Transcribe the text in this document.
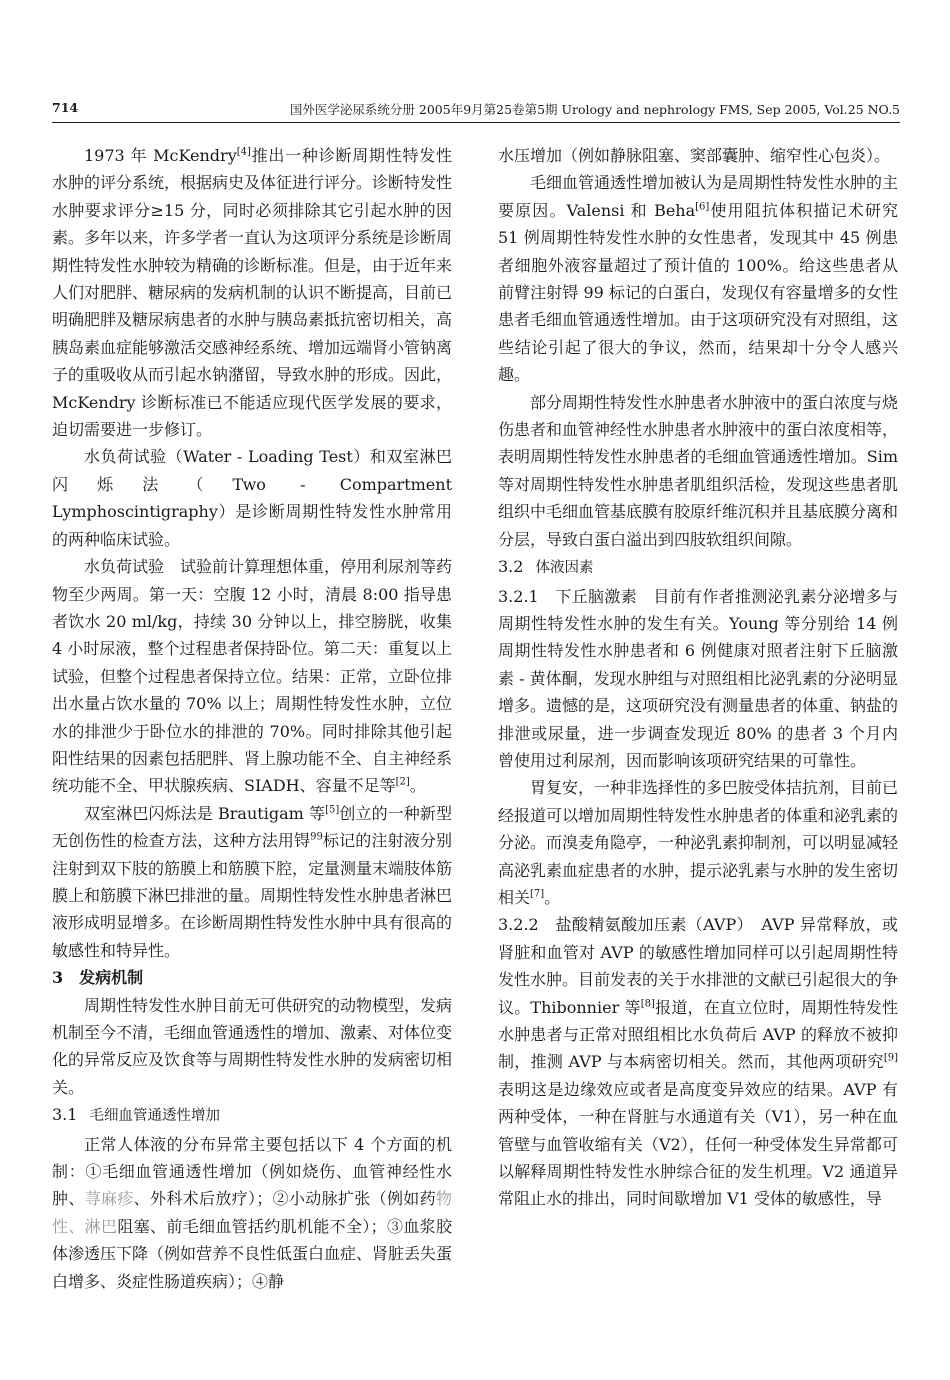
714	国外医学泌尿系统分册 2005年9月第25卷第5期 Urology and nephrology FMS, Sep 2005, Vol.25 NO.5

1973 年 McKendry[4]推出一种诊断周期性特发性水肿的评分系统，根据病史及体征进行评分。诊断特发性水肿要求评分≥15 分，同时必须排除其它引起水肿的因素。多年以来，许多学者一直认为这项评分系统是诊断周期性特发性水肿较为精确的诊断标准。但是，由于近年来人们对肥胖、糖尿病的发病机制的认识不断提高，目前已明确肥胖及糖尿病患者的水肿与胰岛素抵抗密切相关，高胰岛素血症能够激活交感神经系统、增加远端肾小管钠离子的重吸收从而引起水钠潴留，导致水肿的形成。因此，McKendry 诊断标准已不能适应现代医学发展的要求，迫切需要进一步修订。

水负荷试验（Water - Loading Test）和双室淋巴闪烁法（Two - Compartment Lymphoscintigraphy）是诊断周期性特发性水肿常用的两种临床试验。

水负荷试验　试验前计算理想体重，停用利尿剂等药物至少两周。第一天：空腹 12 小时，清晨 8:00 指导患者饮水 20 ml/kg，持续 30 分钟以上，排空膀胱，收集 4 小时尿液，整个过程患者保持卧位。第二天：重复以上试验，但整个过程患者保持立位。结果：正常，立卧位排出水量占饮水量的 70% 以上；周期性特发性水肿，立位水的排泄少于卧位水的排泄的 70%。同时排除其他引起阳性结果的因素包括肥胖、肾上腺功能不全、自主神经系统功能不全、甲状腺疾病、SIADH、容量不足等[2]。

双室淋巴闪烁法是 Brautigam 等[5]创立的一种新型无创伤性的检查方法，这种方法用锝$^{99}$标记的注射液分别注射到双下肢的筋膜上和筋膜下腔，定量测量末端肢体筋膜上和筋膜下淋巴排泄的量。周期性特发性水肿患者淋巴液形成明显增多。在诊断周期性特发性水肿中具有很高的敏感性和特异性。

3　发病机制

周期性特发性水肿目前无可供研究的动物模型，发病机制至今不清，毛细血管通透性的增加、激素、对体位变化的异常反应及饮食等与周期性特发性水肿的发病密切相关。

3.1 毛细血管通透性增加

正常人体液的分布异常主要包括以下 4 个方面的机制：①毛细血管通透性增加（例如烧伤、血管神经性水肿、荨麻疹、外科术后放疗）；②小动脉扩张（例如药物性、淋巴阻塞、前毛细血管括约肌机能不全）；③血浆胶体渗透压下降（例如营养不良性低蛋白血症、肾脏丢失蛋白增多、炎症性肠道疾病）；④静

水压增加（例如静脉阻塞、窦部囊肿、缩窄性心包炎）。

毛细血管通透性增加被认为是周期性特发性水肿的主要原因。Valensi 和 Beha[6]使用阻抗体积描记术研究 51 例周期性特发性水肿的女性患者，发现其中 45 例患者细胞外液容量超过了预计值的 100%。给这些患者从前臂注射锝 99 标记的白蛋白，发现仅有容量增多的女性患者毛细血管通透性增加。由于这项研究没有对照组，这些结论引起了很大的争议，然而，结果却十分令人感兴趣。

部分周期性特发性水肿患者水肿液中的蛋白浓度与烧伤患者和血管神经性水肿患者水肿液中的蛋白浓度相等，表明周期性特发性水肿患者的毛细血管通透性增加。Sim 等对周期性特发性水肿患者肌组织活检，发现这些患者肌组织中毛细血管基底膜有胶原纤维沉积并且基底膜分离和分层，导致白蛋白溢出到四肢软组织间隙。

3.2 体液因素
3.2.1　下丘脑激素　目前有作者推测泌乳素分泌增多与周期性特发性水肿的发生有关。Young 等分别给 14 例周期性特发性水肿患者和 6 例健康对照者注射下丘脑激素 - 黄体酮，发现水肿组与对照组相比泌乳素的分泌明显增多。遗憾的是，这项研究没有测量患者的体重、钠盐的排泄或尿量，进一步调查发现近 80% 的患者 3 个月内曾使用过利尿剂，因而影响该项研究结果的可靠性。

胃复安，一种非选择性的多巴胺受体拮抗剂，目前已经报道可以增加周期性特发性水肿患者的体重和泌乳素的分泌。而溴麦角隐亭，一种泌乳素抑制剂，可以明显减轻高泌乳素血症患者的水肿，提示泌乳素与水肿的发生密切相关[7]。

3.2.2　盐酸精氨酸加压素（AVP）　AVP 异常释放，或肾脏和血管对 AVP 的敏感性增加同样可以引起周期性特发性水肿。目前发表的关于水排泄的文献已引起很大的争议。Thibonnier 等[8]报道，在直立位时，周期性特发性水肿患者与正常对照组相比水负荷后 AVP 的释放不被抑制，推测 AVP 与本病密切相关。然而，其他两项研究[9]表明这是边缘效应或者是高度变异效应的结果。AVP 有两种受体，一种在肾脏与水通道有关（V1），另一种在血管壁与血管收缩有关（V2），任何一种受体发生异常都可以解释周期性特发性水肿综合征的发生机理。V2 通道异常阻止水的排出，同时间歇增加 V1 受体的敏感性，导
